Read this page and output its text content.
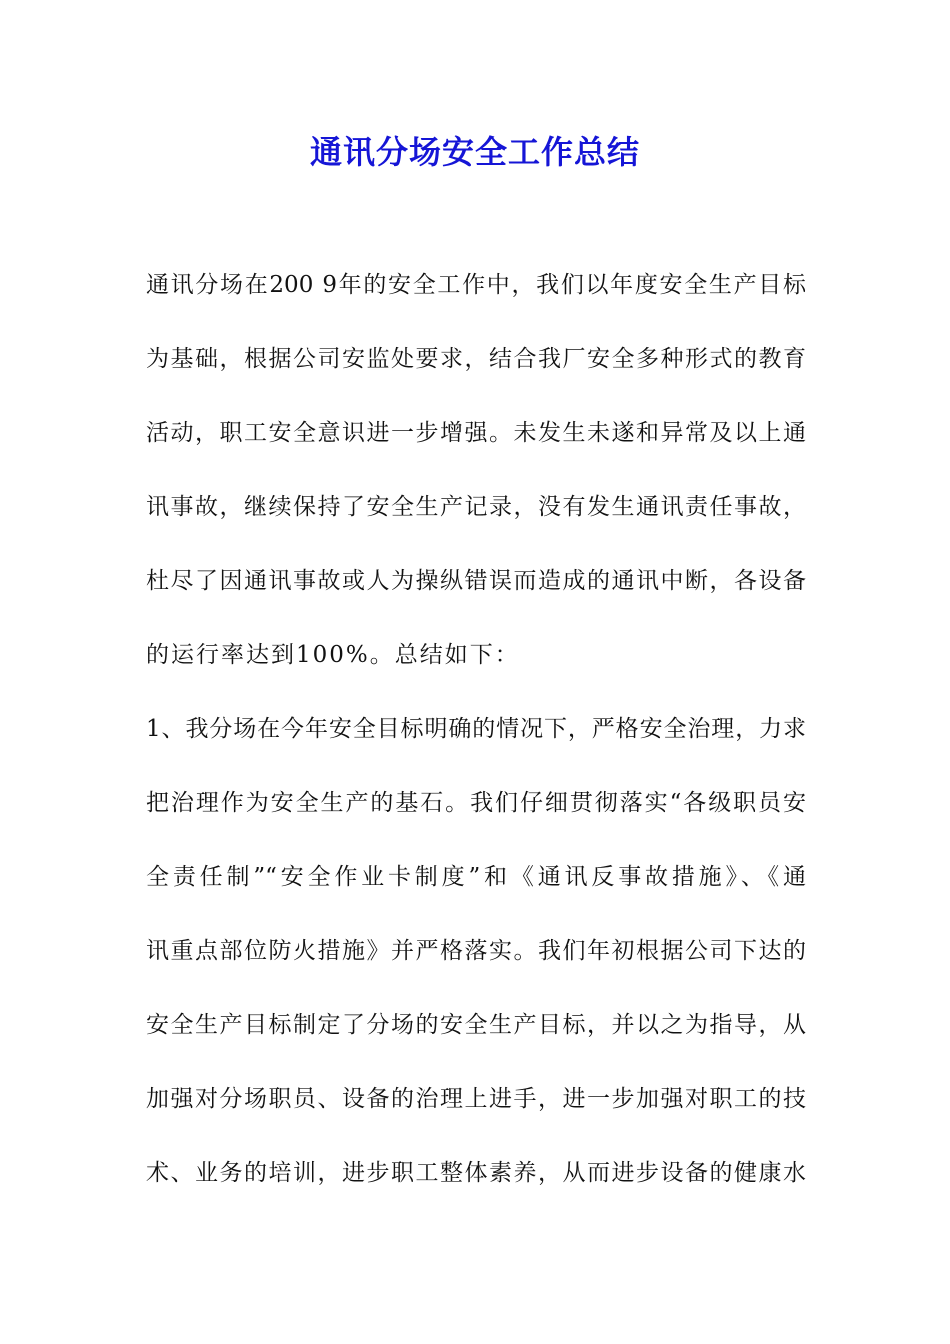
通讯分场安全工作总结
通讯分场在200 9年的安全工作中，我们以年度安全生产目标
为基础，根据公司安监处要求，结合我厂安全多种形式的教育
活动，职工安全意识进一步增强。未发生未遂和异常及以上通
讯事故，继续保持了安全生产记录，没有发生通讯责任事故，
杜尽了因通讯事故或人为操纵错误而造成的通讯中断，各设备
的运行率达到100%。总结如下：
1、我分场在今年安全目标明确的情况下，严格安全治理，力求
把治理作为安全生产的基石。我们仔细贯彻落实“各级职员安
全责任制”“安全作业卡制度”和《通讯反事故措施》、《通
讯重点部位防火措施》并严格落实。我们年初根据公司下达的
安全生产目标制定了分场的安全生产目标，并以之为指导，从
加强对分场职员、设备的治理上进手，进一步加强对职工的技
术、业务的培训，进步职工整体素养，从而进步设备的健康水
